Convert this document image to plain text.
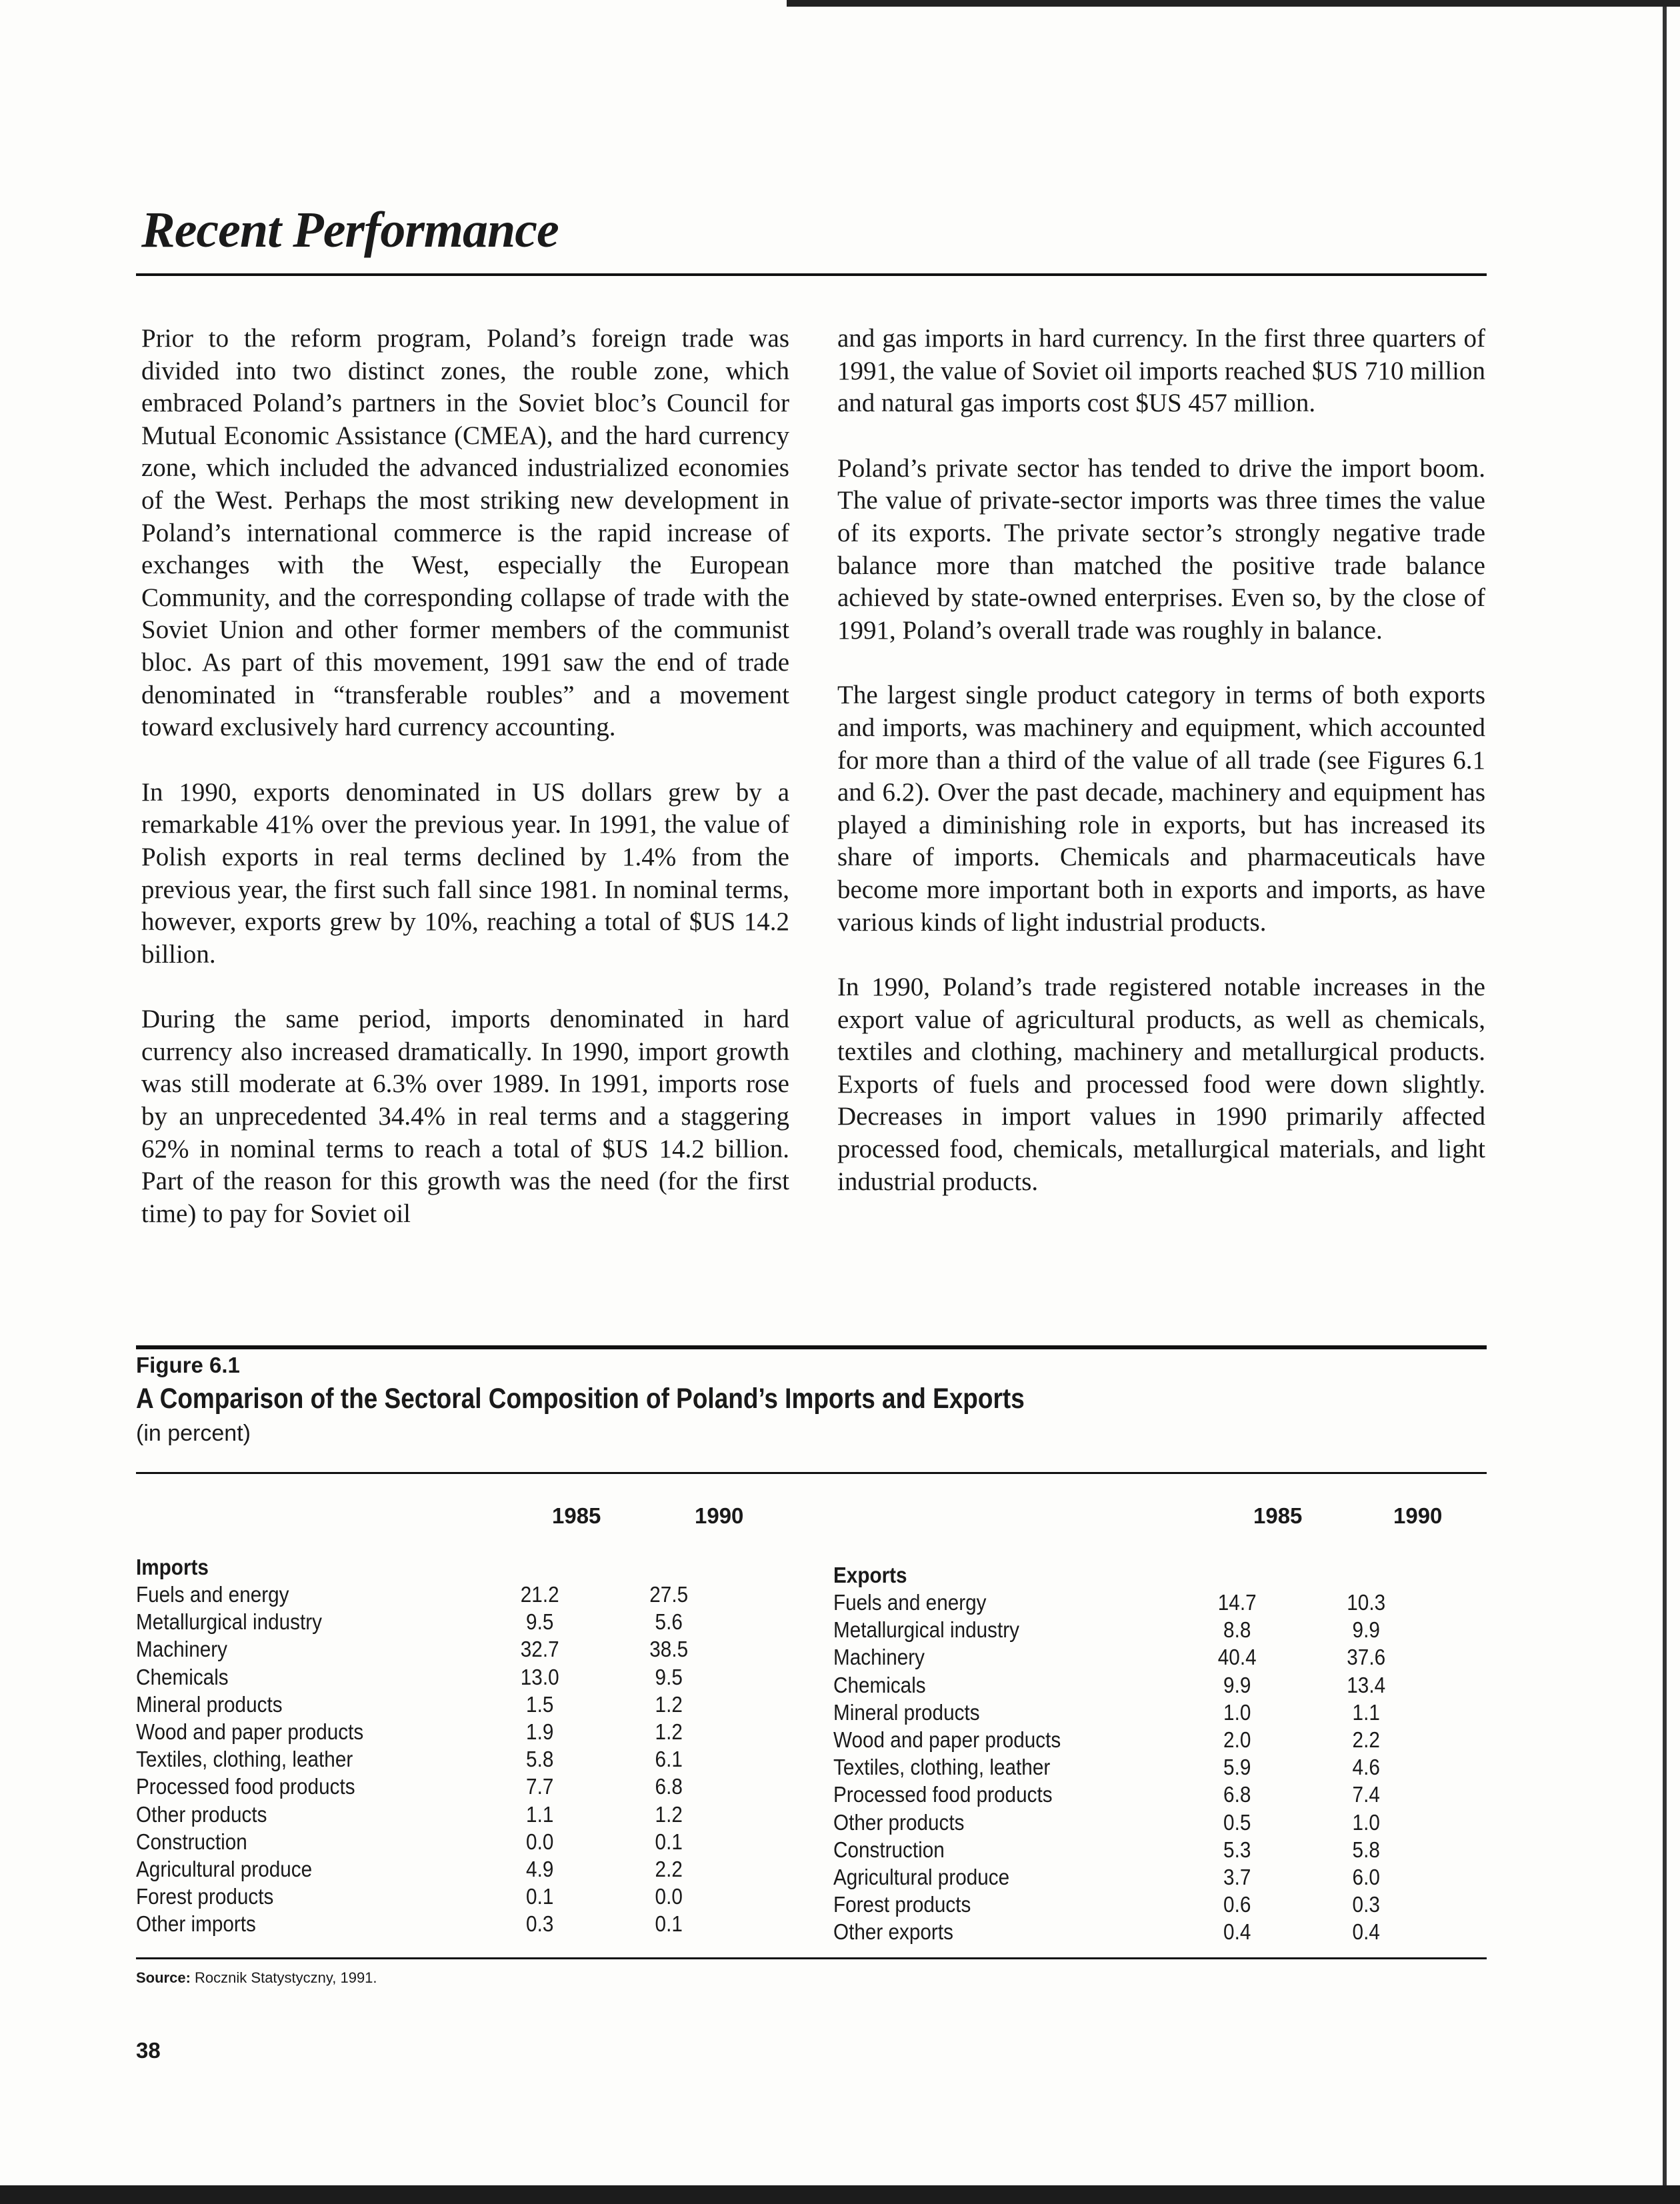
Recent Performance

Prior to the reform program, Poland’s foreign trade was divided into two distinct zones, the rouble zone, which embraced Poland’s partners in the Soviet bloc’s Council for Mutual Economic Assistance (CMEA), and the hard currency zone, which included the advanced industrialized economies of the West. Perhaps the most striking new development in Poland’s international commerce is the rapid increase of exchanges with the West, especially the European Community, and the corresponding collapse of trade with the Soviet Union and other former members of the communist bloc. As part of this movement, 1991 saw the end of trade denominated in “transferable roubles” and a movement toward exclusively hard currency accounting.

In 1990, exports denominated in US dollars grew by a remarkable 41% over the previous year. In 1991, the value of Polish exports in real terms declined by 1.4% from the previous year, the first such fall since 1981. In nominal terms, however, exports grew by 10%, reaching a total of $US 14.2 billion.

During the same period, imports denominated in hard currency also increased dramatically. In 1990, import growth was still moderate at 6.3% over 1989. In 1991, imports rose by an unprecedented 34.4% in real terms and a staggering 62% in nominal terms to reach a total of $US 14.2 billion. Part of the reason for this growth was the need (for the first time) to pay for Soviet oil

and gas imports in hard currency. In the first three quarters of 1991, the value of Soviet oil imports reached $US 710 million and natural gas imports cost $US 457 million.

Poland’s private sector has tended to drive the import boom. The value of private-sector imports was three times the value of its exports. The private sector’s strongly negative trade balance more than matched the positive trade balance achieved by state-owned enterprises. Even so, by the close of 1991, Poland’s overall trade was roughly in balance.

The largest single product category in terms of both exports and imports, was machinery and equipment, which accounted for more than a third of the value of all trade (see Figures 6.1 and 6.2). Over the past decade, machinery and equipment has played a diminishing role in exports, but has increased its share of imports. Chemicals and pharmaceuticals have become more important both in exports and imports, as have various kinds of light industrial products.

In 1990, Poland’s trade registered notable increases in the export value of agricultural products, as well as chemicals, textiles and clothing, machinery and metallurgical products. Exports of fuels and processed food were down slightly. Decreases in import values in 1990 primarily affected processed food, chemicals, metallurgical materials, and light industrial products.

Figure 6.1
A Comparison of the Sectoral Composition of Poland’s Imports and Exports
(in percent)
1985	1990	1985	1990
Imports
Fuels and energy	21.2	27.5
Metallurgical industry	9.5	5.6
Machinery	32.7	38.5
Chemicals	13.0	9.5
Mineral products	1.5	1.2
Wood and paper products	1.9	1.2
Textiles, clothing, leather	5.8	6.1
Processed food products	7.7	6.8
Other products	1.1	1.2
Construction	0.0	0.1
Agricultural produce	4.9	2.2
Forest products	0.1	0.0
Other imports	0.3	0.1
Exports
Fuels and energy	14.7	10.3
Metallurgical industry	8.8	9.9
Machinery	40.4	37.6
Chemicals	9.9	13.4
Mineral products	1.0	1.1
Wood and paper products	2.0	2.2
Textiles, clothing, leather	5.9	4.6
Processed food products	6.8	7.4
Other products	0.5	1.0
Construction	5.3	5.8
Agricultural produce	3.7	6.0
Forest products	0.6	0.3
Other exports	0.4	0.4
Source: Rocznik Statystyczny, 1991.
38
